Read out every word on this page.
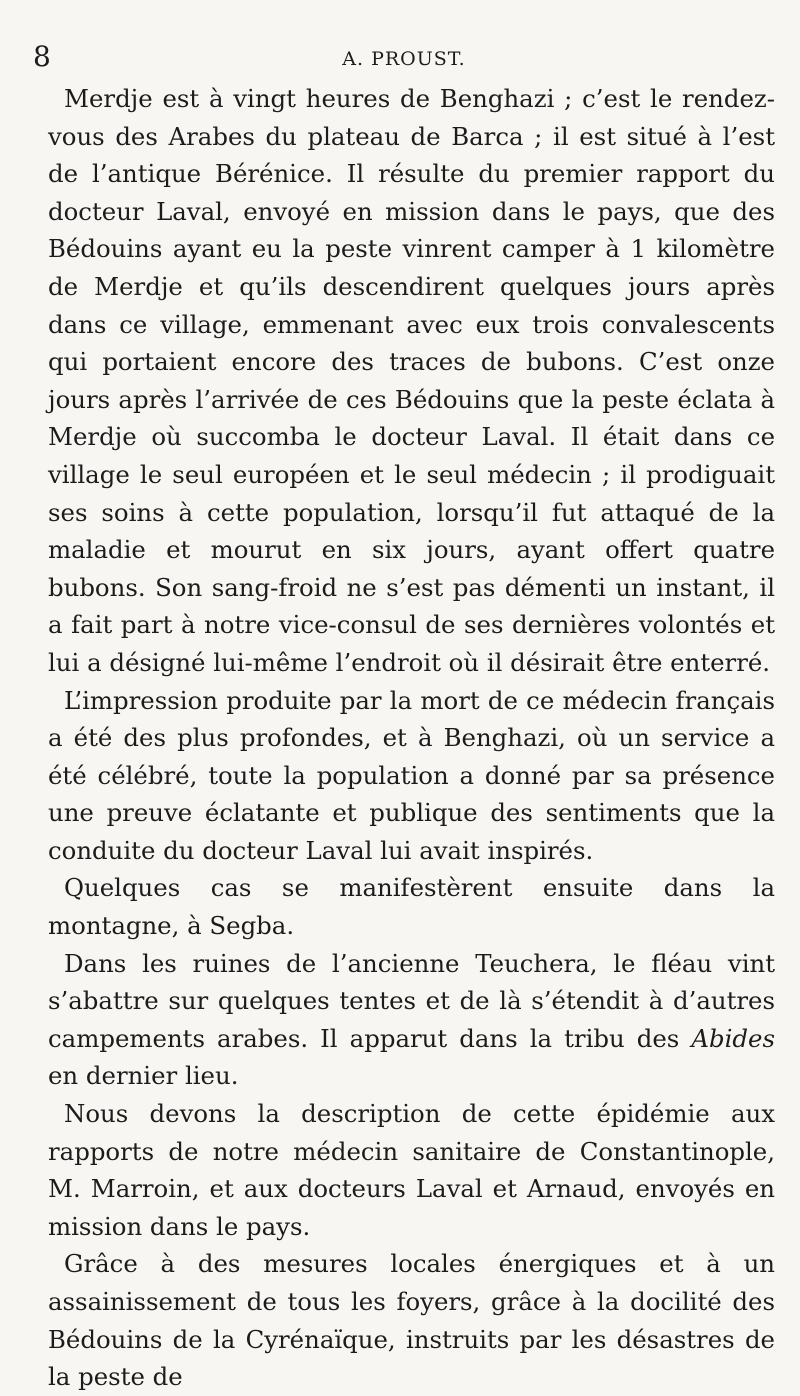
8	A. PROUST.

Merdje est à vingt heures de Benghazi ; c’est le rendez-vous des Arabes du plateau de Barca ; il est situé à l’est de l’antique Bérénice. Il résulte du premier rapport du docteur Laval, envoyé en mission dans le pays, que des Bédouins ayant eu la peste vinrent camper à 1 kilomètre de Merdje et qu’ils descendirent quelques jours après dans ce village, emmenant avec eux trois convalescents qui portaient encore des traces de bubons. C’est onze jours après l’arrivée de ces Bédouins que la peste éclata à Merdje où succomba le docteur Laval. Il était dans ce village le seul européen et le seul médecin ; il prodiguait ses soins à cette population, lorsqu’il fut attaqué de la maladie et mourut en six jours, ayant offert quatre bubons. Son sang-froid ne s’est pas démenti un instant, il a fait part à notre vice-consul de ses dernières volontés et lui a désigné lui-même l’endroit où il désirait être enterré.

L’impression produite par la mort de ce médecin français a été des plus profondes, et à Benghazi, où un service a été célébré, toute la population a donné par sa présence une preuve éclatante et publique des sentiments que la conduite du docteur Laval lui avait inspirés.

Quelques cas se manifestèrent ensuite dans la montagne, à Segba.

Dans les ruines de l’ancienne Teuchera, le fléau vint s’abattre sur quelques tentes et de là s’étendit à d’autres campements arabes. Il apparut dans la tribu des Abides en dernier lieu.

Nous devons la description de cette épidémie aux rapports de notre médecin sanitaire de Constantinople, M. Marroin, et aux docteurs Laval et Arnaud, envoyés en mission dans le pays.

Grâce à des mesures locales énergiques et à un assainissement de tous les foyers, grâce à la docilité des Bédouins de la Cyrénaïque, instruits par les désastres de la peste de
